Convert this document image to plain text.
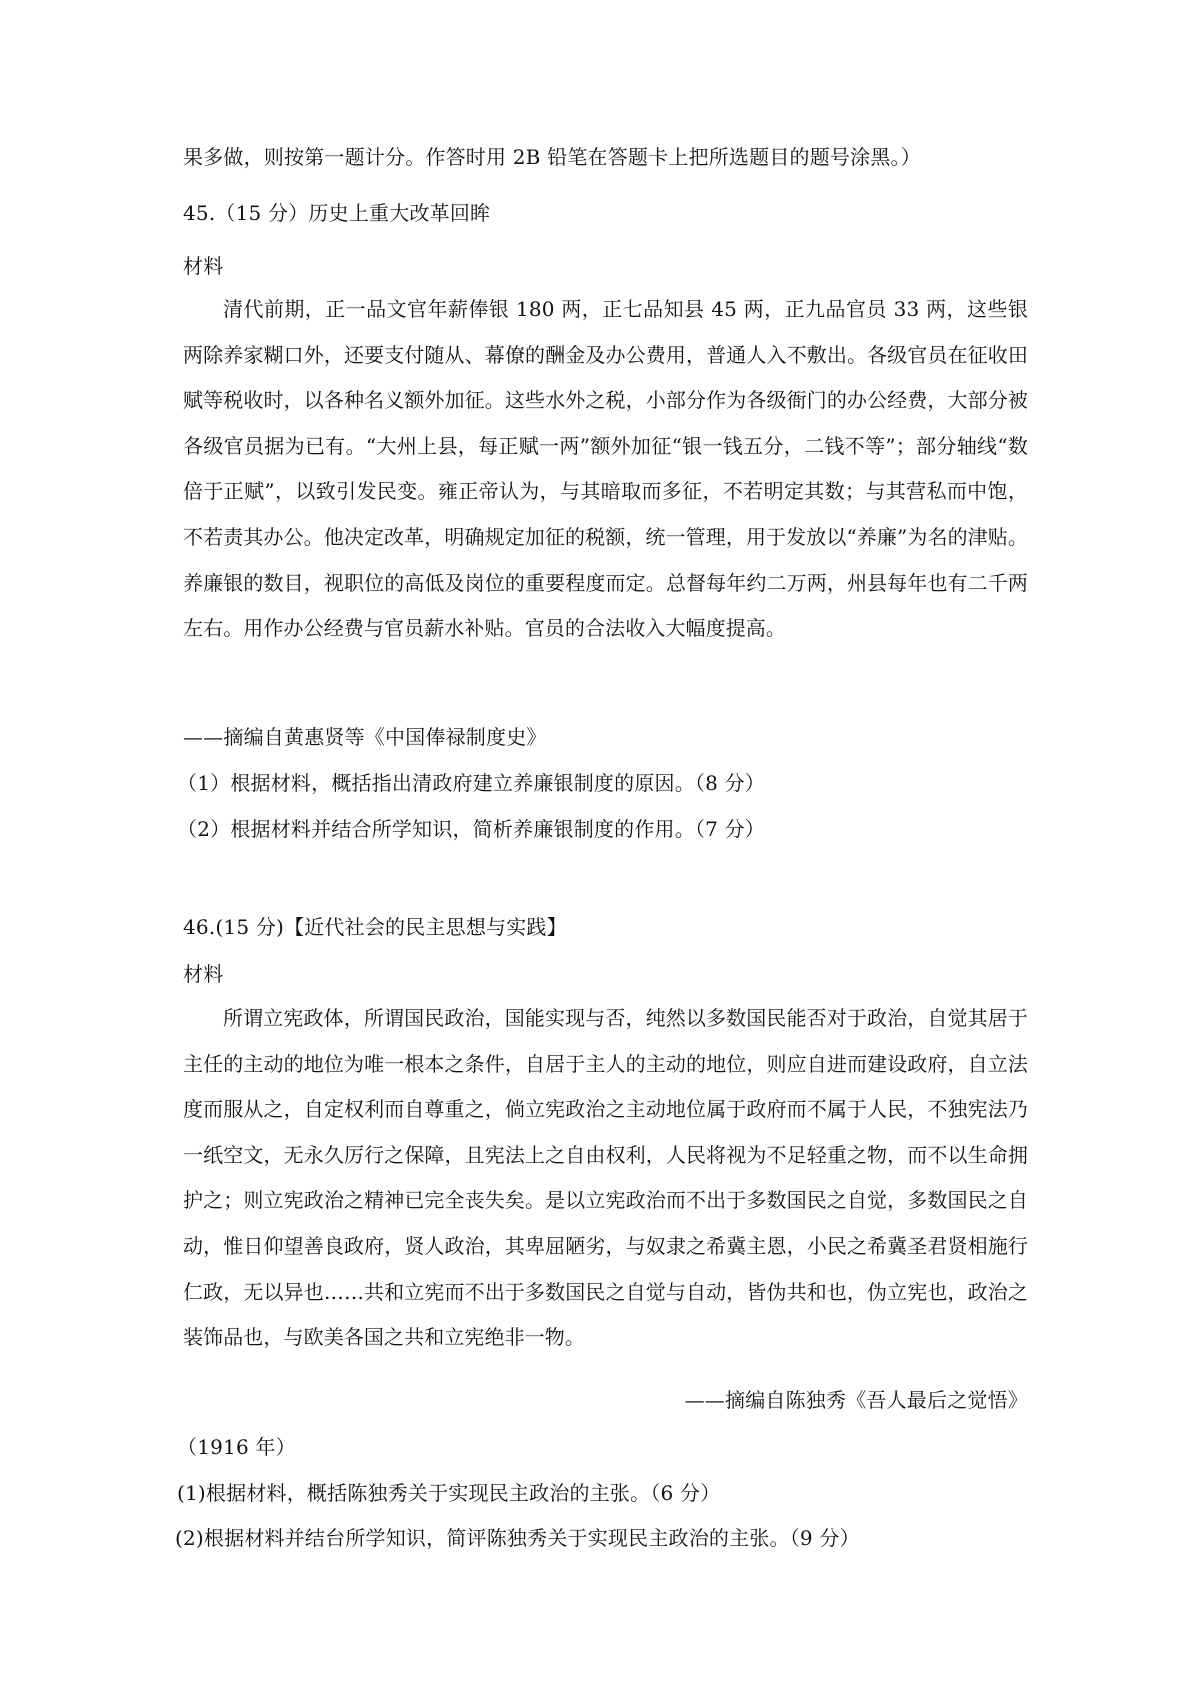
果多做，则按第一题计分。作答时用 2B 铅笔在答题卡上把所选题目的题号涂黑。）
45.（15 分）历史上重大改革回眸
材料

清代前期，正一品文官年薪俸银 180 两，正七品知县 45 两，正九品官员 33 两，这些银两除养家糊口外，还要支付随从、幕僚的酬金及办公费用，普通人入不敷出。各级官员在征收田赋等税收时，以各种名义额外加征。这些水外之税，小部分作为各级衙门的办公经费，大部分被各级官员据为已有。“大州上县，每正赋一两”额外加征“银一钱五分，二钱不等”；部分轴线“数倍于正赋”，以致引发民变。雍正帝认为，与其暗取而多征，不若明定其数；与其营私而中饱，不若责其办公。他决定改革，明确规定加征的税额，统一管理，用于发放以“养廉”为名的津贴。养廉银的数目，视职位的高低及岗位的重要程度而定。总督每年约二万两，州县每年也有二千两左右。用作办公经费与官员薪水补贴。官员的合法收入大幅度提高。

——摘编自黄惠贤等《中国俸禄制度史》
（1）根据材料，概括指出清政府建立养廉银制度的原因。（8 分）
（2）根据材料并结合所学知识，简析养廉银制度的作用。（7 分）
46.(15 分)【近代社会的民主思想与实践】
材料

所谓立宪政体，所谓国民政治，国能实现与否，纯然以多数国民能否对于政治，自觉其居于主任的主动的地位为唯一根本之条件，自居于主人的主动的地位，则应自进而建设政府，自立法度而服从之，自定权利而自尊重之，倘立宪政治之主动地位属于政府而不属于人民，不独宪法乃一纸空文，无永久厉行之保障，且宪法上之自由权利，人民将视为不足轻重之物，而不以生命拥护之；则立宪政治之精神已完全丧失矣。是以立宪政治而不出于多数国民之自觉，多数国民之自动，惟日仰望善良政府，贤人政治，其卑屈陋劣，与奴隶之希冀主恩，小民之希冀圣君贤相施行仁政，无以异也……共和立宪而不出于多数国民之自觉与自动，皆伪共和也，伪立宪也，政治之装饰品也，与欧美各国之共和立宪绝非一物。

——摘编自陈独秀《吾人最后之觉悟》
（1916 年）
(1)根据材料，概括陈独秀关于实现民主政治的主张。（6 分）
(2)根据材料并结台所学知识，简评陈独秀关于实现民主政治的主张。（9 分）
